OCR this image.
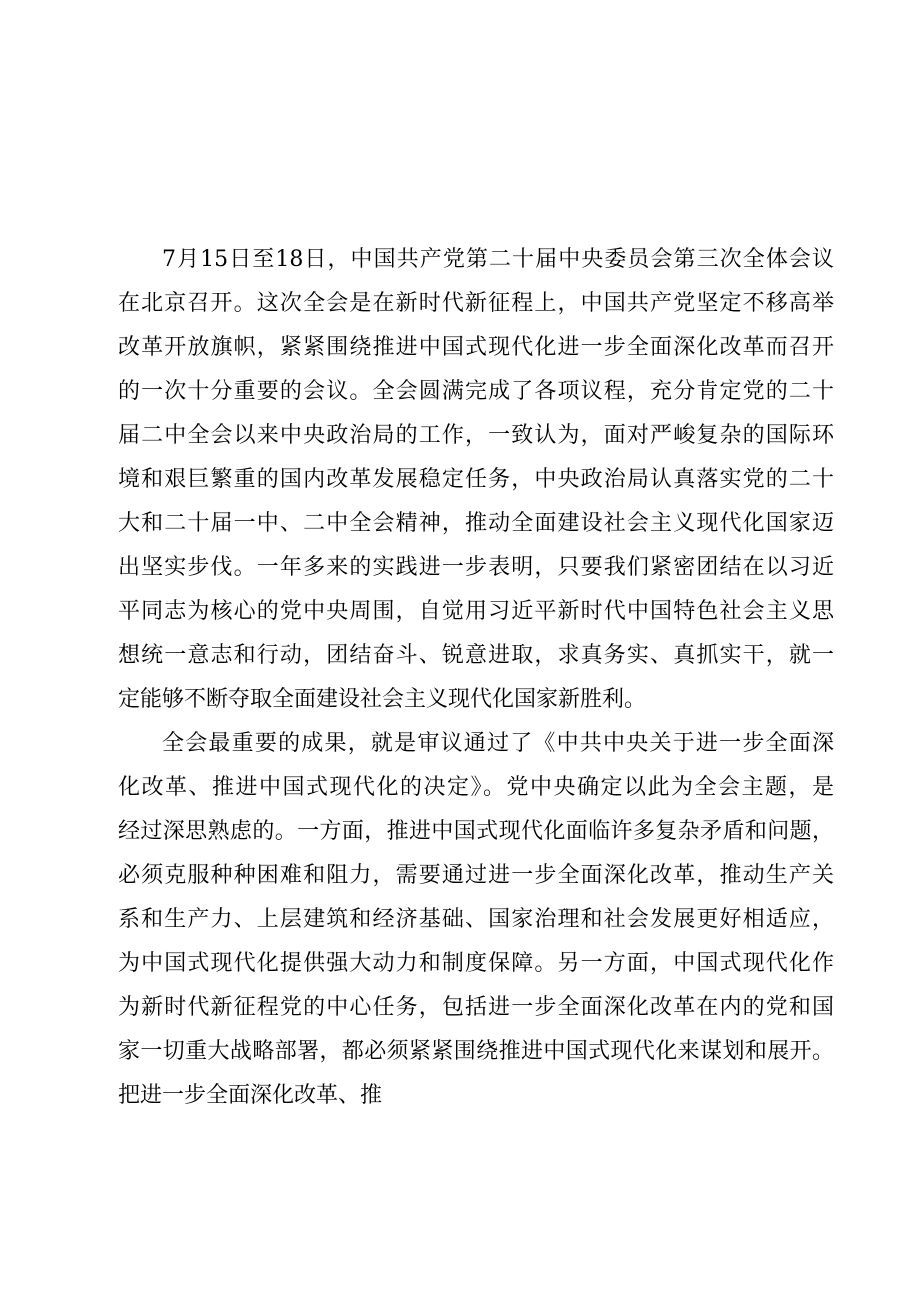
7月15日至18日，中国共产党第二十届中央委员会第三次全体会议
在北京召开。这次全会是在新时代新征程上，中国共产党坚定不移高举
改革开放旗帜，紧紧围绕推进中国式现代化进一步全面深化改革而召开
的一次十分重要的会议。全会圆满完成了各项议程，充分肯定党的二十
届二中全会以来中央政治局的工作，一致认为，面对严峻复杂的国际环
境和艰巨繁重的国内改革发展稳定任务，中央政治局认真落实党的二十
大和二十届一中、二中全会精神，推动全面建设社会主义现代化国家迈
出坚实步伐。一年多来的实践进一步表明，只要我们紧密团结在以习近
平同志为核心的党中央周围，自觉用习近平新时代中国特色社会主义思
想统一意志和行动，团结奋斗、锐意进取，求真务实、真抓实干，就一
定能够不断夺取全面建设社会主义现代化国家新胜利。
全会最重要的成果，就是审议通过了《中共中央关于进一步全面深
化改革、推进中国式现代化的决定》。党中央确定以此为全会主题，是
经过深思熟虑的。一方面，推进中国式现代化面临许多复杂矛盾和问题，
必须克服种种困难和阻力，需要通过进一步全面深化改革，推动生产关
系和生产力、上层建筑和经济基础、国家治理和社会发展更好相适应，
为中国式现代化提供强大动力和制度保障。另一方面，中国式现代化作
为新时代新征程党的中心任务，包括进一步全面深化改革在内的党和国
家一切重大战略部署，都必须紧紧围绕推进中国式现代化来谋划和展开。
把进一步全面深化改革、推
